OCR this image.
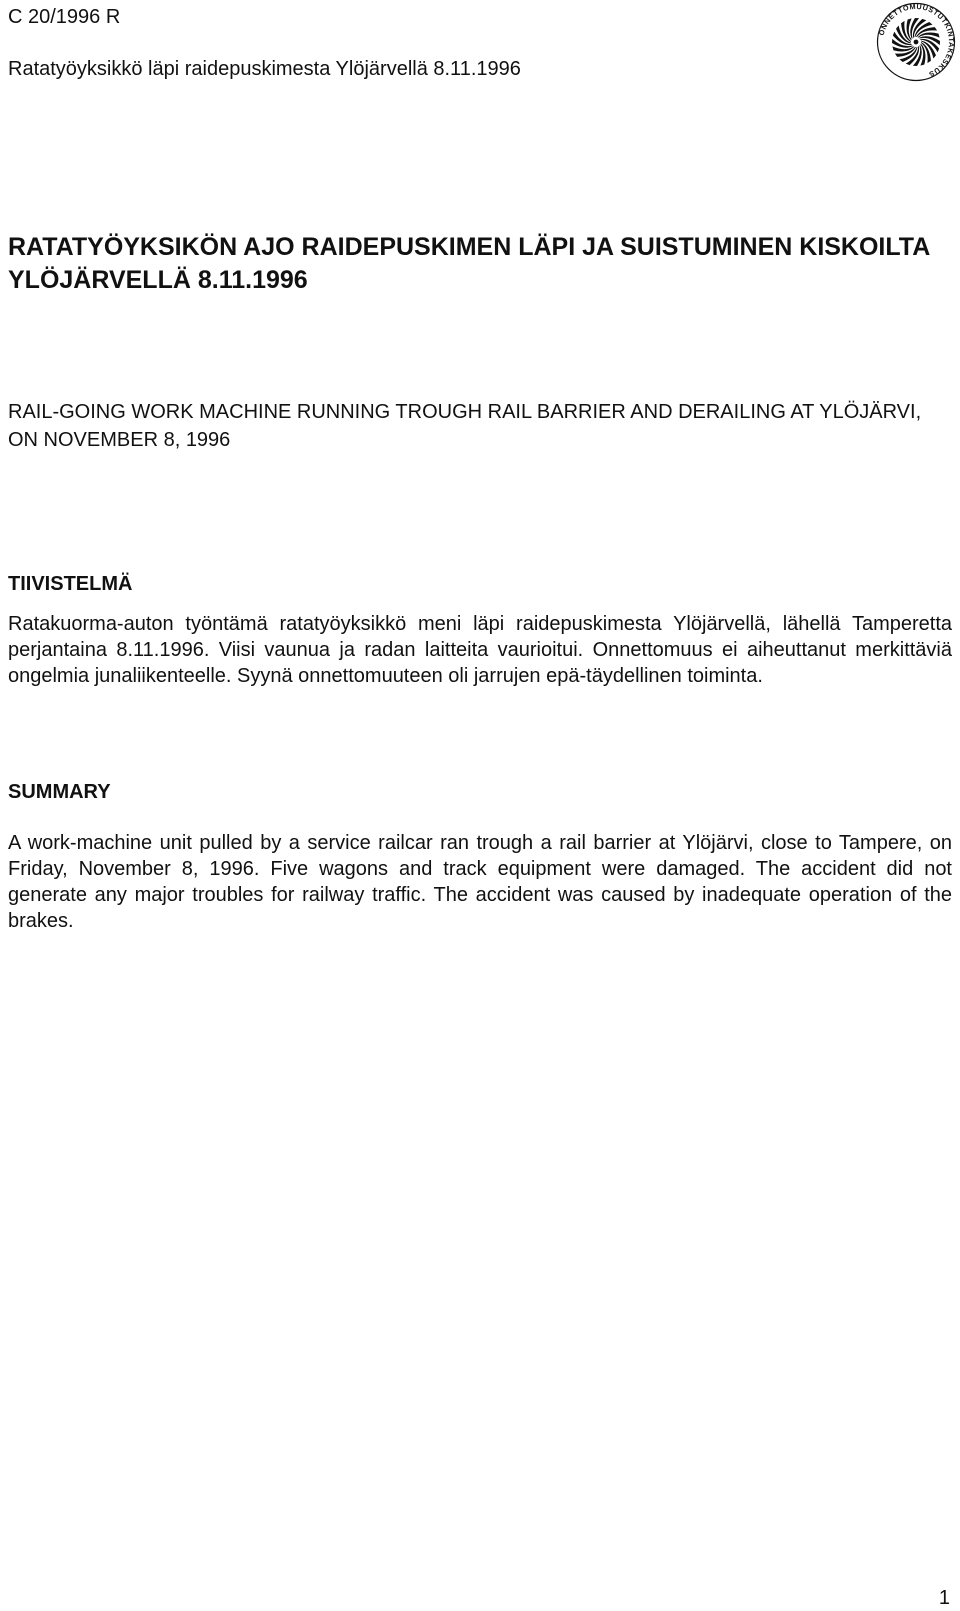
C 20/1996 R
Ratatyöyksikkö läpi raidepuskimesta Ylöjärvellä 8.11.1996
ONNETTOMUUSTUTKINTAKESKUS
RATATYÖYKSIKÖN AJO RAIDEPUSKIMEN LÄPI JA SUISTUMINEN KISKOILTA YLÖJÄRVELLÄ 8.11.1996
RAIL-GOING WORK MACHINE RUNNING TROUGH RAIL BARRIER AND DERAILING AT YLÖJÄRVI, ON NOVEMBER 8, 1996
TIIVISTELMÄ

Ratakuorma-auton työntämä ratatyöyksikkö meni läpi raidepuskimesta Ylöjärvellä, lähellä Tamperetta perjantaina 8.11.1996. Viisi vaunua ja radan laitteita vaurioitui. Onnettomuus ei aiheuttanut merkittäviä ongelmia junaliikenteelle. Syynä onnettomuuteen oli jarrujen epä-täydellinen toiminta.

SUMMARY

A work-machine unit pulled by a service railcar ran trough a rail barrier at Ylöjärvi, close to Tampere, on Friday, November 8, 1996. Five wagons and track equipment were damaged. The accident did not generate any major troubles for railway traffic. The accident was caused by inadequate operation of the brakes.

1
